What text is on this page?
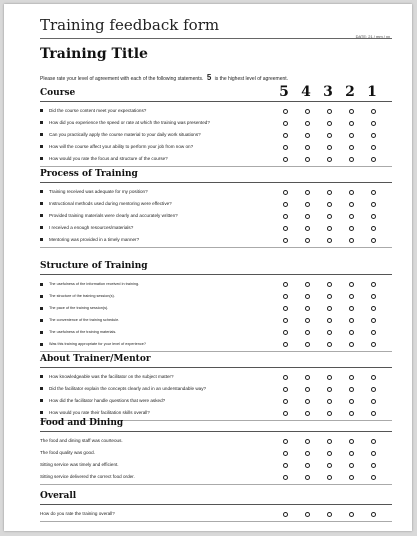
Training feedback form
DATE: 21 / mm / yy
Training Title
Please rate your level of agreement with each of the following statements. 5 is the highest level of agreement.
5 4 3 2 1
Course
Did the course content meet your expectations?
How did you experience the speed or rate at which the training was presented?
Can you practically apply the course material to your daily work situations?
How will the course affect your ability to perform your job from now on?
How would you rate the focus and structure of the course?
Process of Training
Training received was adequate for my position?
Instructional methods used during mentoring were effective?
Provided training materials were clearly and accurately written?
I received a enough resources/materials?
Mentoring was provided in a timely manner?
Structure of Training
The usefulness of the information received in training.
The structure of the training session(s).
The pace of the training session(s).
The convenience of the training schedule.
The usefulness of the training materials.
Was this training appropriate for your level of experience?
About Trainer/Mentor
How knowledgeable was the facilitator on the subject matter?
Did the facilitator explain the concepts clearly and in an understandable way?
How did the facilitator handle questions that were asked?
How would you rate their facilitation skills overall?
Food and Dining
The food and dining staff was courteous.
The food quality was good.
Sitting service was timely and efficient.
Sitting service delivered the correct food order.
Overall
How do you rate the training overall?
